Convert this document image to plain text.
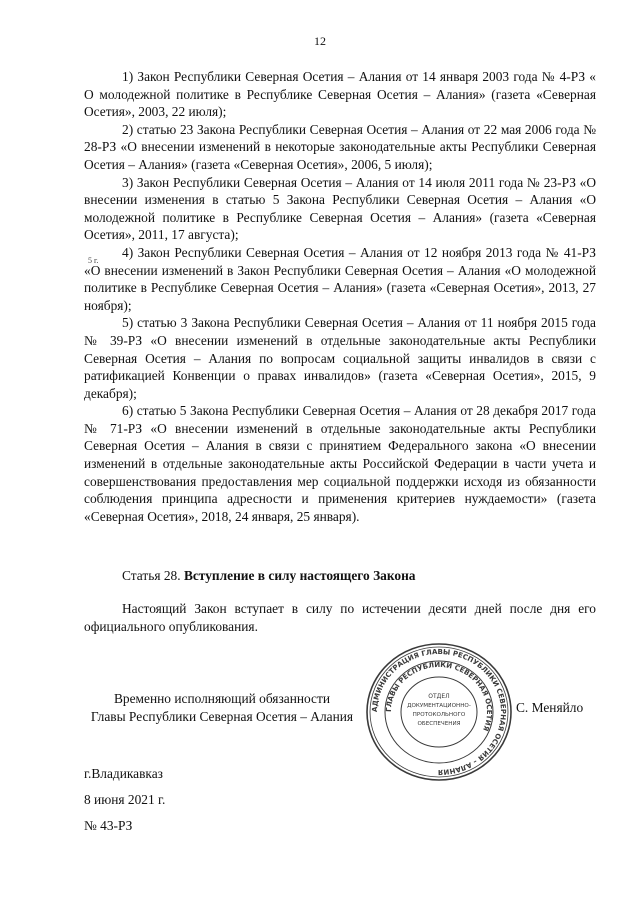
12
5 г.

1) Закон Республики Северная Осетия – Алания от 14 января 2003 года № 4-РЗ « О молодежной политике в Республике Северная Осетия – Алания» (газета «Северная Осетия», 2003, 22 июля);

2) статью 23 Закона Республики Северная Осетия – Алания от 22 мая 2006 года № 28-РЗ «О внесении изменений в некоторые законодательные акты Республики Северная Осетия – Алания» (газета «Северная Осетия», 2006, 5 июля);

3) Закон Республики Северная Осетия – Алания от 14 июля 2011 года № 23-РЗ «О внесении изменения в статью 5 Закона Республики Северная Осетия – Алания «О молодежной политике в Республике Северная Осетия – Алания» (газета «Северная Осетия», 2011, 17 августа);

4) Закон Республики Северная Осетия – Алания от 12 ноября 2013 года № 41-РЗ «О внесении изменений в Закон Республики Северная Осетия – Алания «О молодежной политике в Республике Северная Осетия – Алания» (газета «Северная Осетия», 2013, 27 ноября);

5) статью 3 Закона Республики Северная Осетия – Алания от 11 ноября 2015 года № 39-РЗ «О внесении изменений в отдельные законодательные акты Республики Северная Осетия – Алания по вопросам социальной защиты инвалидов в связи с ратификацией Конвенции о правах инвалидов» (газета «Северная Осетия», 2015, 9 декабря);

6) статью 5 Закона Республики Северная Осетия – Алания от 28 декабря 2017 года № 71-РЗ «О внесении изменений в отдельные законодательные акты Республики Северная Осетия – Алания в связи с принятием Федерального закона «О внесении изменений в отдельные законодательные акты Российской Федерации в части учета и совершенствования предоставления мер социальной поддержки исходя из обязанности соблюдения принципа адресности и применения критериев нуждаемости» (газета «Северная Осетия», 2018, 24 января, 25 января).

Статья 28. Вступление в силу настоящего Закона

Настоящий Закон вступает в силу по истечении десяти дней после дня его официального опубликования.

Временно исполняющий обязанности
Главы Республики Северная Осетия – Алания	АДМИНИСТРАЦИЯ ГЛАВЫ РЕСПУБЛИКИ СЕВЕРНАЯ ОСЕТИЯ – АЛАНИЯ
ГЛАВЫ РЕСПУБЛИКИ СЕВЕРНАЯ ОСЕТИЯ
ОТДЕЛ
ДОКУМЕНТАЦИОННО-
ПРОТОКОЛЬНОГО
ОБЕСПЕЧЕНИЯ
С. Меняйло
г.Владикавказ
8 июня 2021 г.
№ 43-РЗ
